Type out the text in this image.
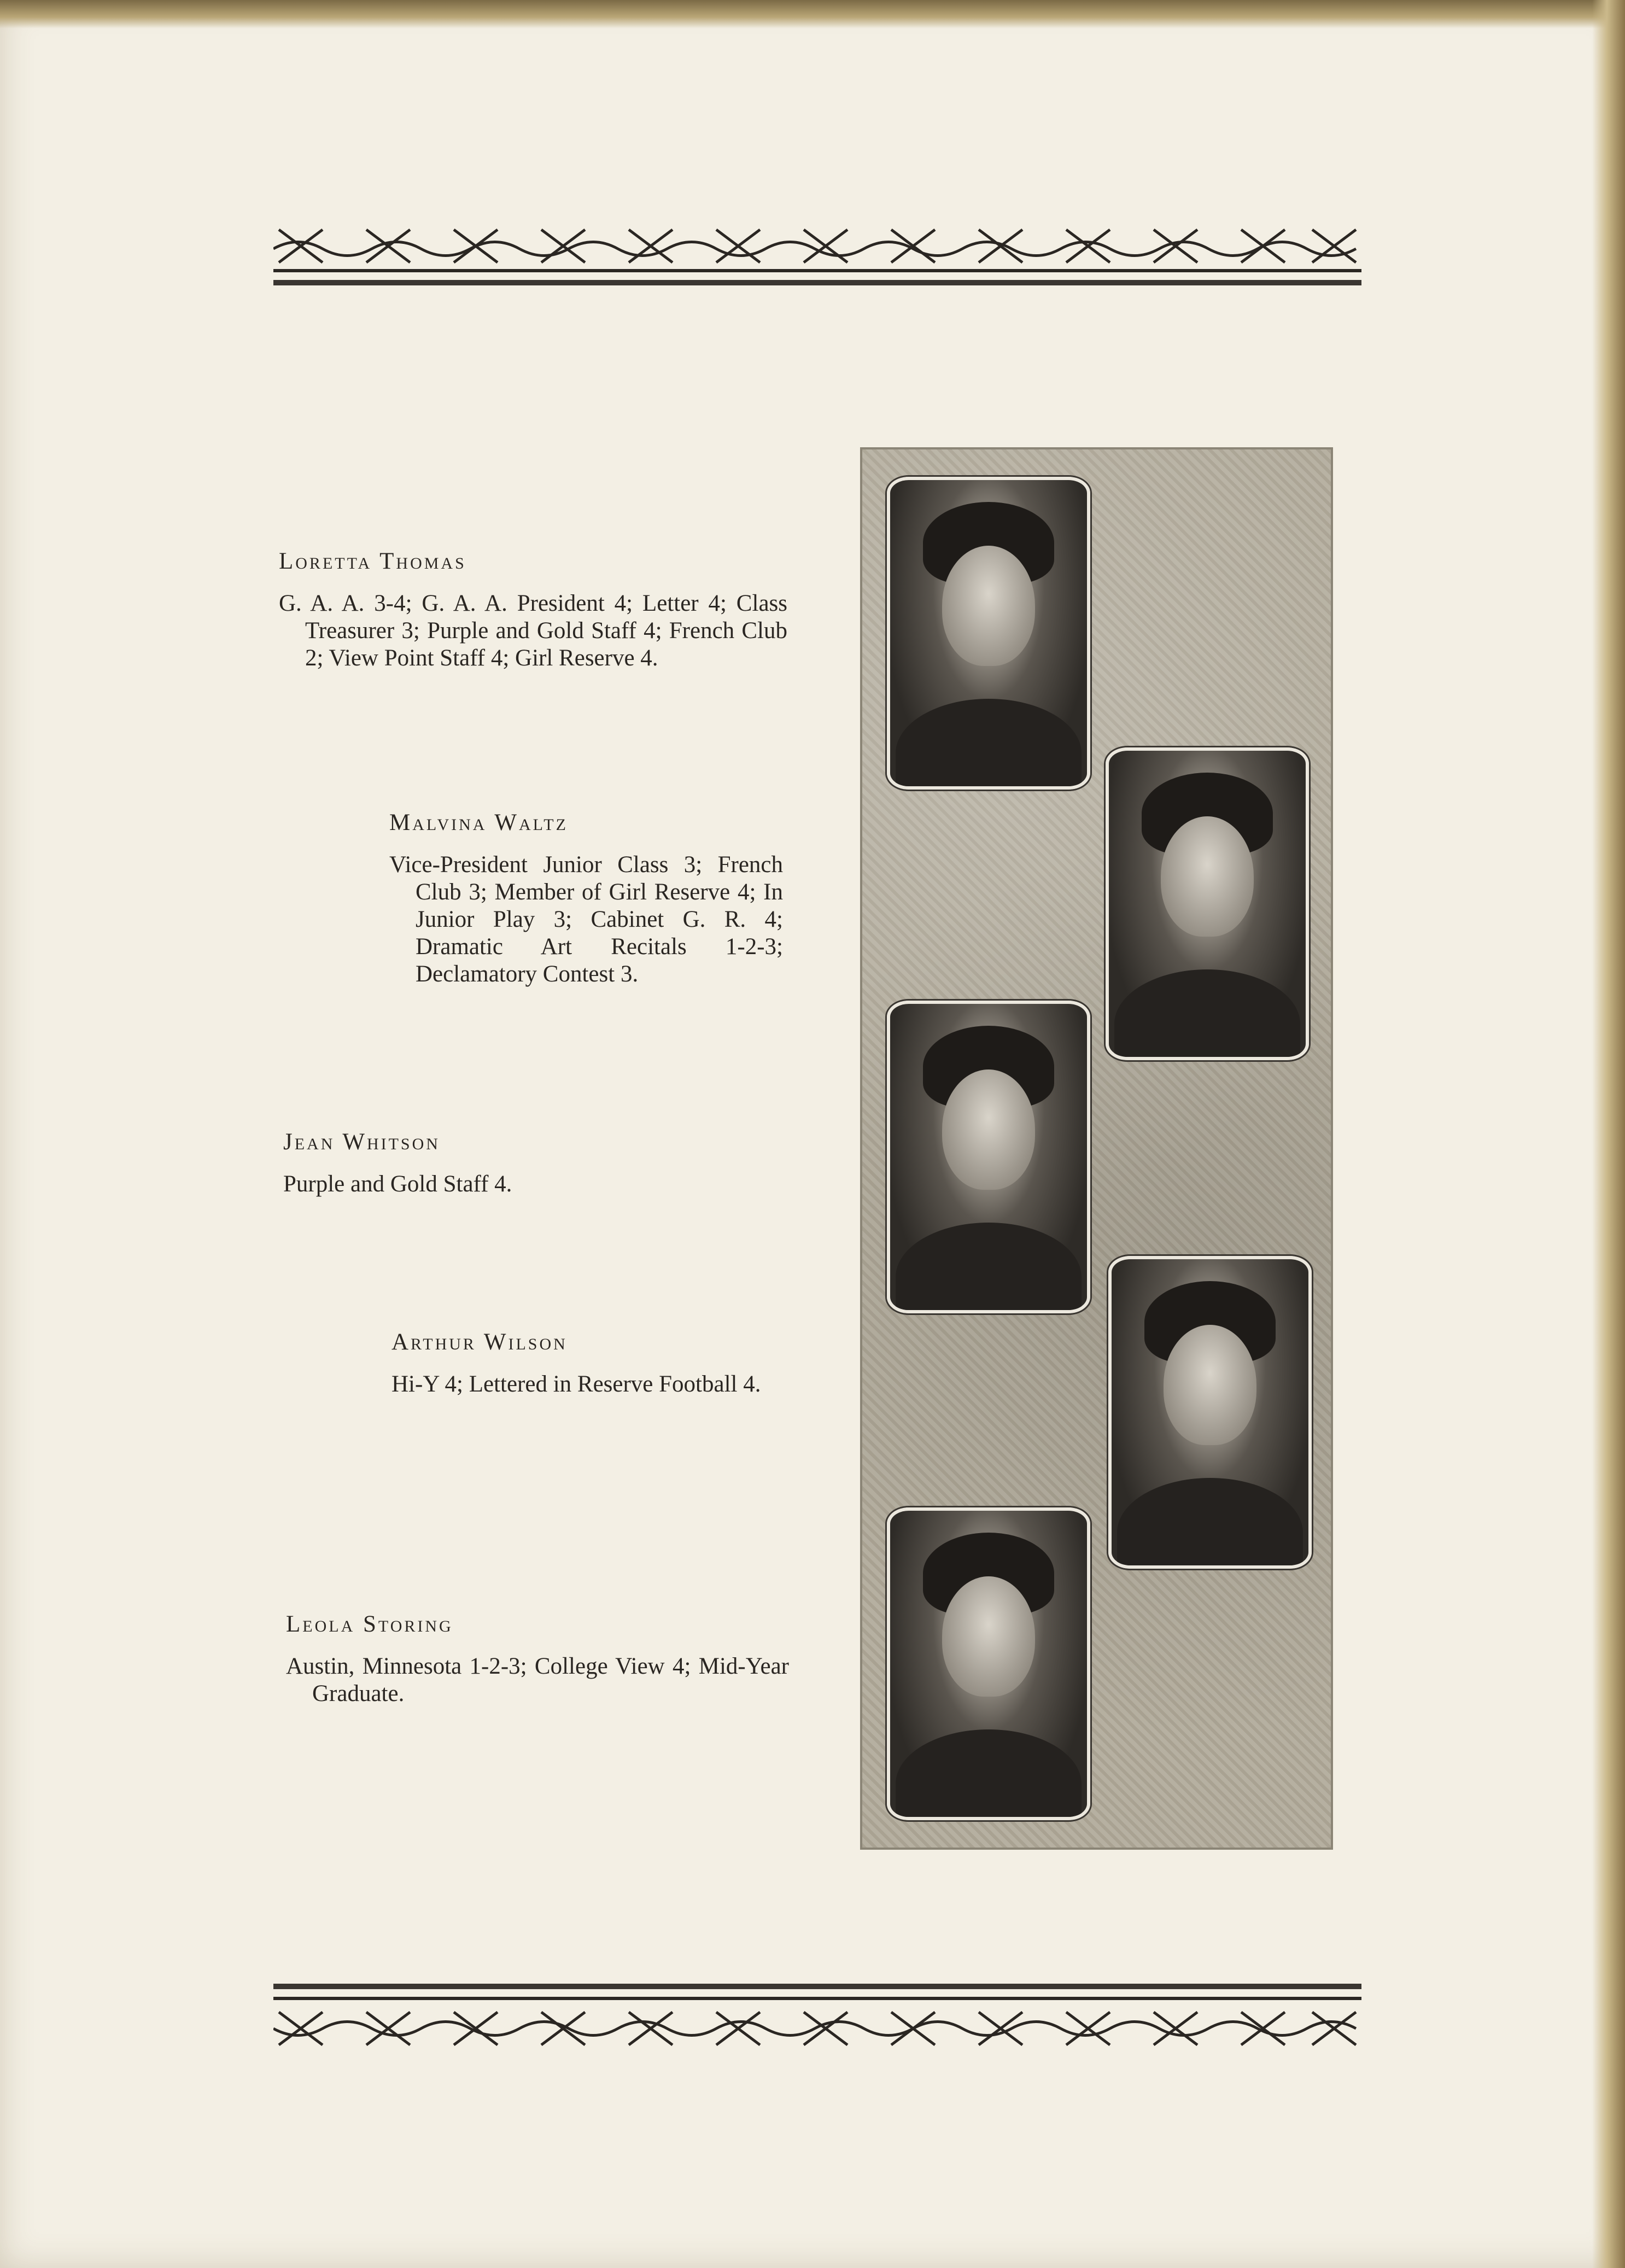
Loretta Thomas

G. A. A. 3-4; G. A. A. President 4; Letter 4; Class Treasurer 3; Purple and Gold Staff 4; French Club 2; View Point Staff 4; Girl Reserve 4.

Malvina Waltz

Vice-President Junior Class 3; French Club 3; Member of Girl Reserve 4; In Junior Play 3; Cabinet G. R. 4; Dramatic Art Recitals 1-2-3; Declamatory Contest 3.

Jean Whitson

Purple and Gold Staff 4.

Arthur Wilson

Hi-Y 4; Lettered in Reserve Football 4.

Leola Storing

Austin, Minnesota 1-2-3; College View 4; Mid-Year Graduate.
